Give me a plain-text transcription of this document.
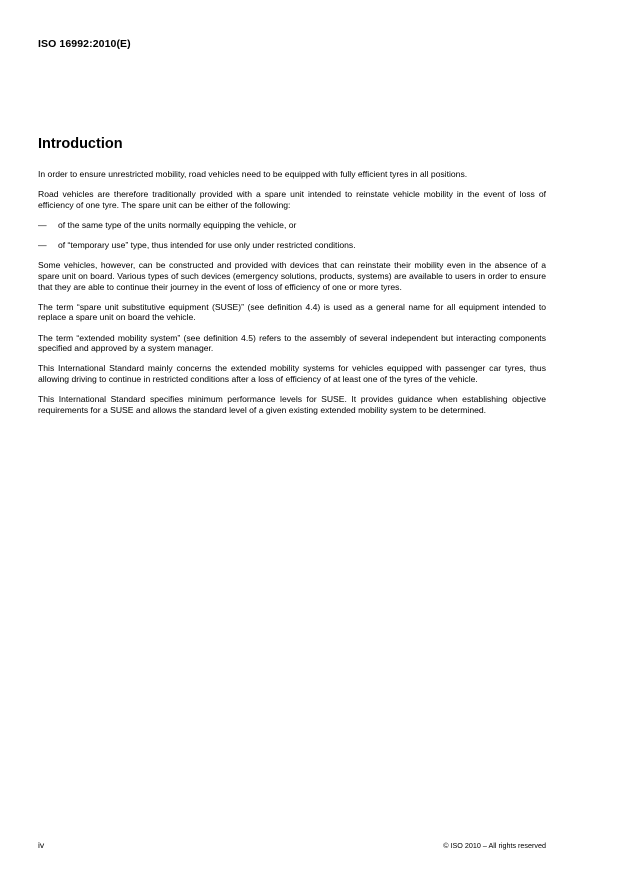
ISO 16992:2010(E)
Introduction

In order to ensure unrestricted mobility, road vehicles need to be equipped with fully efficient tyres in all positions.

Road vehicles are therefore traditionally provided with a spare unit intended to reinstate vehicle mobility in the event of loss of efficiency of one tyre. The spare unit can be either of the following:

—	of the same type of the units normally equipping the vehicle, or
—	of “temporary use” type, thus intended for use only under restricted conditions.

Some vehicles, however, can be constructed and provided with devices that can reinstate their mobility even in the absence of a spare unit on board. Various types of such devices (emergency solutions, products, systems) are available to users in order to ensure that they are able to continue their journey in the event of loss of efficiency of one or more tyres.

The term “spare unit substitutive equipment (SUSE)” (see definition 4.4) is used as a general name for all equipment intended to replace a spare unit on board the vehicle.

The term “extended mobility system” (see definition 4.5) refers to the assembly of several independent but interacting components specified and approved by a system manager.

This International Standard mainly concerns the extended mobility systems for vehicles equipped with passenger car tyres, thus allowing driving to continue in restricted conditions after a loss of efficiency of at least one of the tyres of the vehicle.

This International Standard specifies minimum performance levels for SUSE. It provides guidance when establishing objective requirements for a SUSE and allows the standard level of a given existing extended mobility system to be determined.

iv	© ISO 2010 – All rights reserved
